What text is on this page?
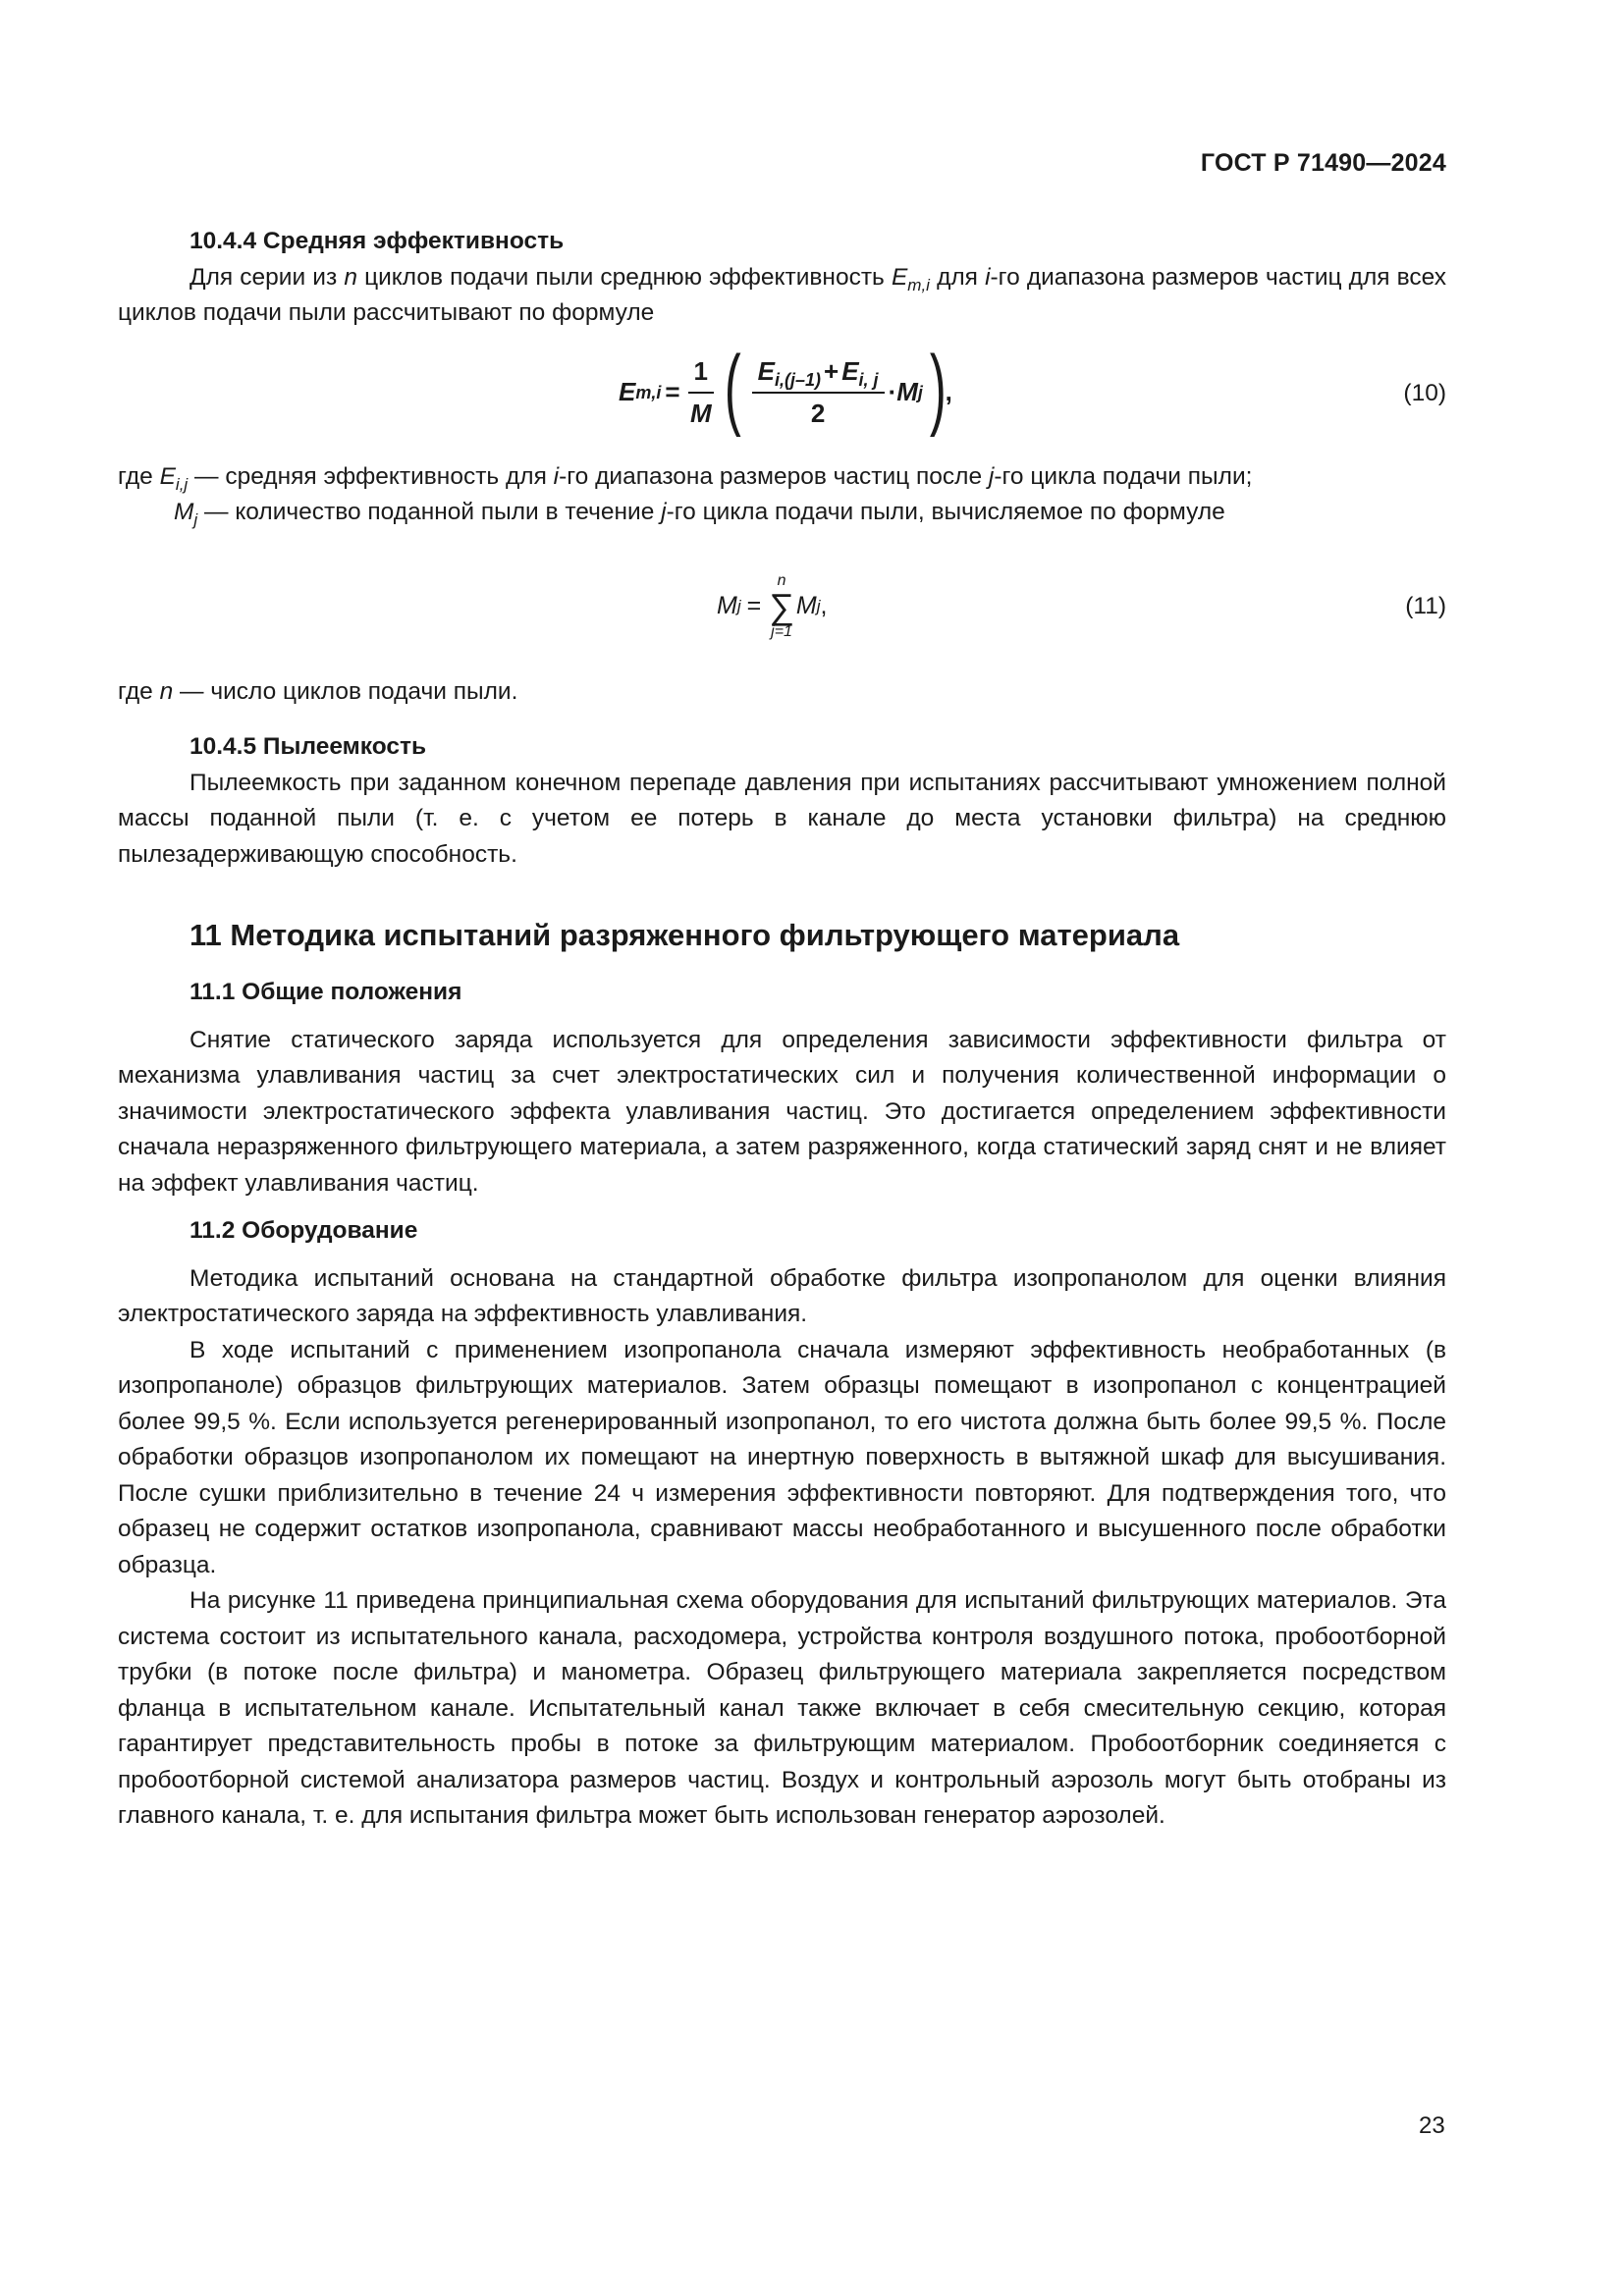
ГОСТ Р 71490—2024
10.4.4 Средняя эффективность

Для серии из n циклов подачи пыли среднюю эффективность $E_{m,i}$ для i-го диапазона размеров частиц для всех циклов подачи пыли рассчитывают по формуле

E $m,i = \frac{1}{M}$ ( $\frac{E_{i,(j-1)} + E_{i, j}}{2} \cdot M$ j )
,	(10)
где $E_{i,j}$ — средняя эффективность для i-го диапазона размеров частиц после j-го цикла подачи пыли;
$M_j$ — количество поданной пыли в течение j-го цикла подачи пыли, вычисляемое по формуле
M j =
n
∑
j=1
M j ,	(11)
где n — число циклов подачи пыли.
10.4.5 Пылеемкость

Пылеемкость при заданном конечном перепаде давления при испытаниях рассчитывают умножением полной массы поданной пыли (т. е. с учетом ее потерь в канале до места установки фильтра) на среднюю пылезадерживающую способность.

11 Методика испытаний разряженного фильтрующего материала
11.1 Общие положения

Снятие статического заряда используется для определения зависимости эффективности фильтра от механизма улавливания частиц за счет электростатических сил и получения количественной информации о значимости электростатического эффекта улавливания частиц. Это достигается определением эффективности сначала неразряженного фильтрующего материала, а затем разряженного, когда статический заряд снят и не влияет на эффект улавливания частиц.

11.2 Оборудование

Методика испытаний основана на стандартной обработке фильтра изопропанолом для оценки влияния электростатического заряда на эффективность улавливания.

В ходе испытаний с применением изопропанола сначала измеряют эффективность необработанных (в изопропаноле) образцов фильтрующих материалов. Затем образцы помещают в изопропанол с концентрацией более 99,5 %. Если используется регенерированный изопропанол, то его чистота должна быть более 99,5 %. После обработки образцов изопропанолом их помещают на инертную поверхность в вытяжной шкаф для высушивания. После сушки приблизительно в течение 24 ч измерения эффективности повторяют. Для подтверждения того, что образец не содержит остатков изопропанола, сравнивают массы необработанного и высушенного после обработки образца.

На рисунке 11 приведена принципиальная схема оборудования для испытаний фильтрующих материалов. Эта система состоит из испытательного канала, расходомера, устройства контроля воздушного потока, пробоотборной трубки (в потоке после фильтра) и манометра. Образец фильтрующего материала закрепляется посредством фланца в испытательном канале. Испытательный канал также включает в себя смесительную секцию, которая гарантирует представительность пробы в потоке за фильтрующим материалом. Пробоотборник соединяется с пробоотборной системой анализатора размеров частиц. Воздух и контрольный аэрозоль могут быть отобраны из главного канала, т. е. для испытания фильтра может быть использован генератор аэрозолей.

23
